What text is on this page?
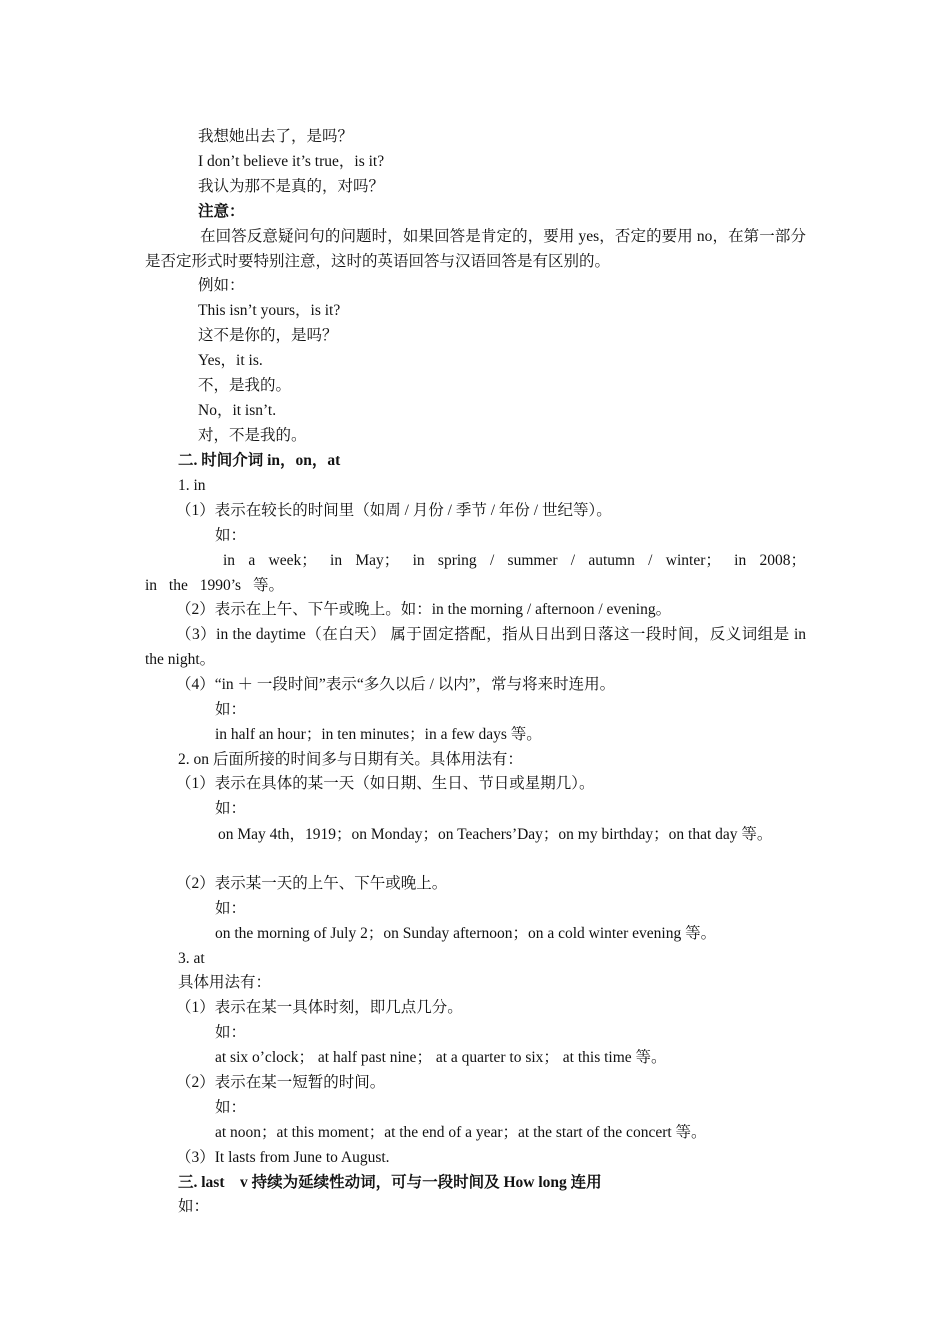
我想她出去了，是吗？
I don’t believe it’s true，is it?
我认为那不是真的，对吗？
注意：
在回答反意疑问句的问题时，如果回答是肯定的，要用 yes，否定的要用 no，在第一部分是否定形式时要特别注意，这时的英语回答与汉语回答是有区别的。
例如：
This isn’t yours，is it?
这不是你的，是吗？
Yes，it is.
不，是我的。
No，it isn’t.
对，不是我的。
二. 时间介词 in，on，at
1. in
（1）表示在较长的时间里（如周 / 月份 / 季节 / 年份 / 世纪等）。
如：
in a week； in May； in spring / summer / autumn / winter； in 2008； in the 1990’s 等。
（2）表示在上午、下午或晚上。如：in the morning / afternoon / evening。
（3）in the daytime（在白天） 属于固定搭配，指从日出到日落这一段时间，反义词组是 in the night。
（4）“in ＋ 一段时间”表示“多久以后 / 以内”，常与将来时连用。
如：
in half an hour；in ten minutes；in a few days 等。
2. on 后面所接的时间多与日期有关。具体用法有：
（1）表示在具体的某一天（如日期、生日、节日或星期几）。
如：
on May 4th，1919；on Monday；on Teachers’Day；on my birthday；on that day 等。
（2）表示某一天的上午、下午或晚上。
如：
on the morning of July 2；on Sunday afternoon；on a cold winter evening 等。
3. at
具体用法有：
（1）表示在某一具体时刻，即几点几分。
如：
at six o’clock； at half past nine； at a quarter to six； at this time 等。
（2）表示在某一短暂的时间。
如：
at noon；at this moment；at the end of a year；at the start of the concert 等。
（3）It lasts from June to August.
三. last    v 持续为延续性动词，可与一段时间及 How long 连用
如：
